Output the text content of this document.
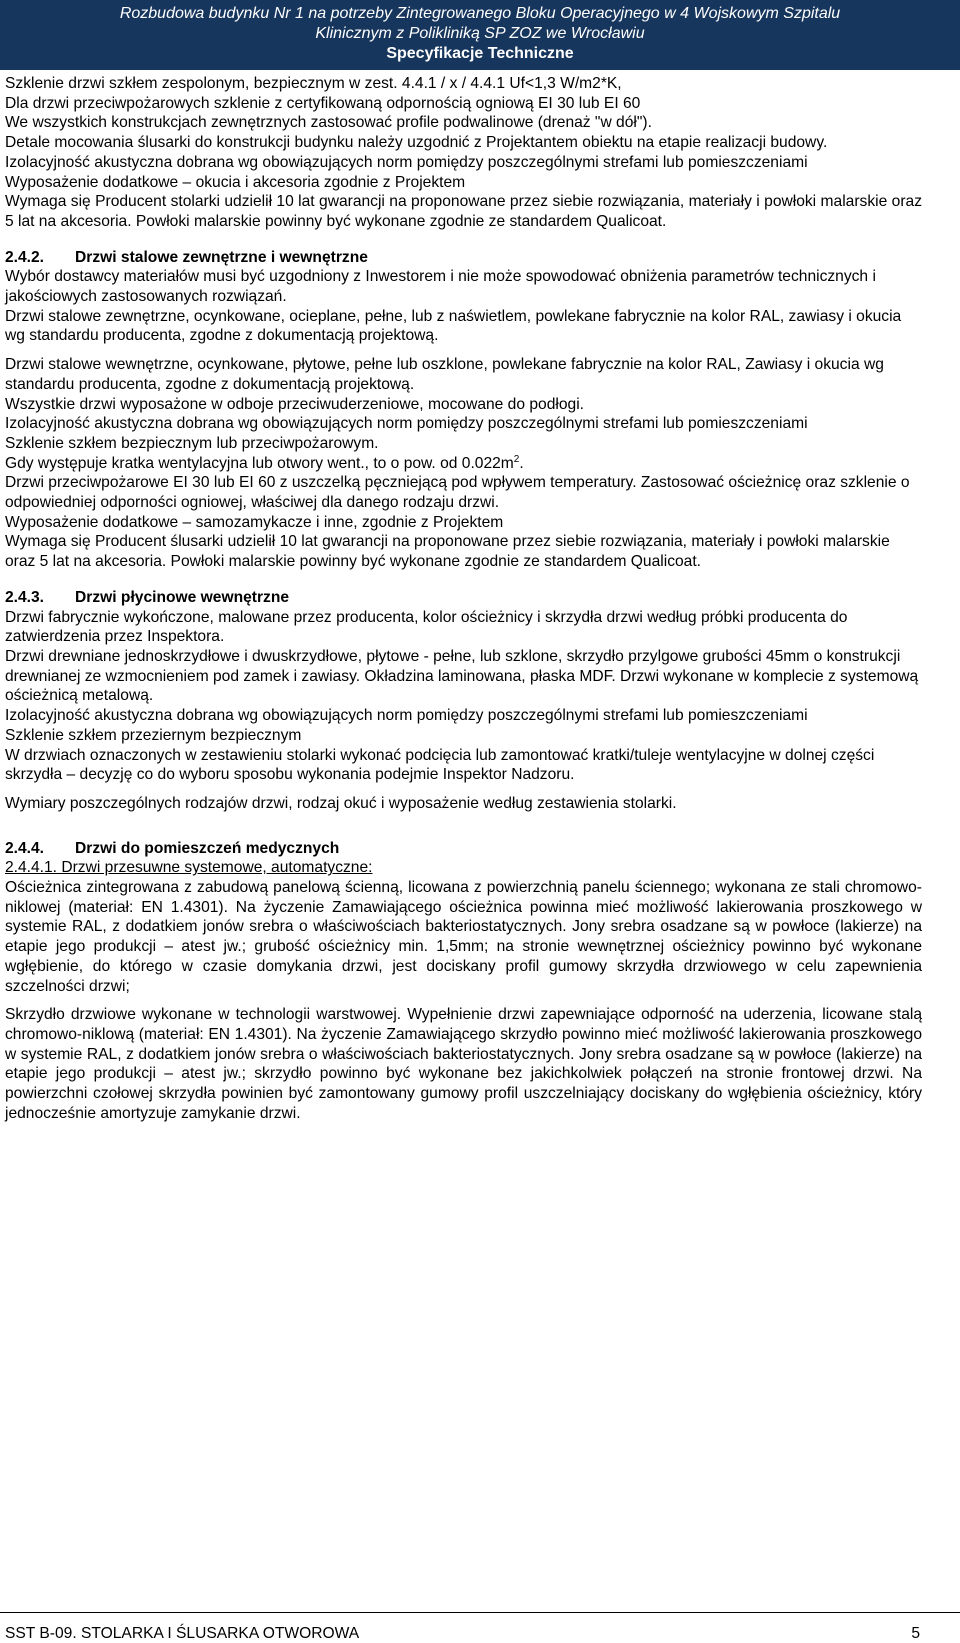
Rozbudowa budynku Nr 1 na potrzeby Zintegrowanego Bloku Operacyjnego w 4 Wojskowym Szpitalu
Klinicznym z Polikliniką SP ZOZ we Wrocławiu
Specyfikacje Techniczne

Szklenie drzwi szkłem zespolonym, bezpiecznym w zest. 4.4.1 / x / 4.4.1 Uf<1,3 W/m2*K,

Dla drzwi przeciwpożarowych szklenie z certyfikowaną odpornością ogniową EI 30 lub EI 60

We wszystkich konstrukcjach zewnętrznych zastosować profile podwalinowe (drenaż "w dół").

Detale mocowania ślusarki do konstrukcji budynku należy uzgodnić z Projektantem obiektu na etapie realizacji budowy.

Izolacyjność akustyczna dobrana wg obowiązujących norm pomiędzy poszczególnymi strefami lub pomieszczeniami

Wyposażenie dodatkowe – okucia i akcesoria zgodnie z Projektem

Wymaga się Producent stolarki udzielił 10 lat gwarancji na proponowane przez siebie rozwiązania, materiały i powłoki malarskie oraz 5 lat na akcesoria. Powłoki malarskie powinny być wykonane zgodnie ze standardem Qualicoat.

2.4.2. Drzwi stalowe zewnętrzne i wewnętrzne

Wybór dostawcy materiałów musi być uzgodniony z Inwestorem i nie może spowodować obniżenia parametrów technicznych i jakościowych zastosowanych rozwiązań.

Drzwi stalowe zewnętrzne, ocynkowane, ocieplane, pełne, lub z naświetlem, powlekane fabrycznie na kolor RAL, zawiasy i okucia wg standardu producenta, zgodne z dokumentacją projektową.

Drzwi stalowe wewnętrzne, ocynkowane, płytowe, pełne lub oszklone, powlekane fabrycznie na kolor RAL, Zawiasy i okucia wg standardu producenta, zgodne z dokumentacją projektową.

Wszystkie drzwi wyposażone w odboje przeciwuderzeniowe, mocowane do podłogi.

Izolacyjność akustyczna dobrana wg obowiązujących norm pomiędzy poszczególnymi strefami lub pomieszczeniami

Szklenie szkłem bezpiecznym lub przeciwpożarowym.

Gdy występuje kratka wentylacyjna lub otwory went., to o pow. od $0.022m^2$.

Drzwi przeciwpożarowe EI 30 lub EI 60 z uszczelką pęczniejącą pod wpływem temperatury. Zastosować ościeżnicę oraz szklenie o odpowiedniej odporności ogniowej, właściwej dla danego rodzaju drzwi.

Wyposażenie dodatkowe – samozamykacze i inne, zgodnie z Projektem

Wymaga się Producent ślusarki udzielił 10 lat gwarancji na proponowane przez siebie rozwiązania, materiały i powłoki malarskie oraz 5 lat na akcesoria. Powłoki malarskie powinny być wykonane zgodnie ze standardem Qualicoat.

2.4.3. Drzwi płycinowe wewnętrzne

Drzwi fabrycznie wykończone, malowane przez producenta, kolor ościeżnicy i skrzydła drzwi według próbki producenta do zatwierdzenia przez Inspektora.

Drzwi drewniane jednoskrzydłowe i dwuskrzydłowe, płytowe - pełne, lub szklone, skrzydło przylgowe grubości 45mm o konstrukcji drewnianej ze wzmocnieniem pod zamek i zawiasy. Okładzina laminowana, płaska MDF. Drzwi wykonane w komplecie z systemową ościeżnicą metalową.

Izolacyjność akustyczna dobrana wg obowiązujących norm pomiędzy poszczególnymi strefami lub pomieszczeniami

Szklenie szkłem przeziernym bezpiecznym

W drzwiach oznaczonych w zestawieniu stolarki wykonać podcięcia lub zamontować kratki/tuleje wentylacyjne w dolnej części skrzydła – decyzję co do wyboru sposobu wykonania podejmie Inspektor Nadzoru.

Wymiary poszczególnych rodzajów drzwi, rodzaj okuć i wyposażenie według zestawienia stolarki.

2.4.4. Drzwi do pomieszczeń medycznych

2.4.4.1. Drzwi przesuwne systemowe, automatyczne:

Ościeżnica zintegrowana z zabudową panelową ścienną, licowana z powierzchnią panelu ściennego; wykonana ze stali chromowo-niklowej (materiał: EN 1.4301). Na życzenie Zamawiającego ościeżnica powinna mieć możliwość lakierowania proszkowego w systemie RAL, z dodatkiem jonów srebra o właściwościach bakteriostatycznych. Jony srebra osadzane są w powłoce (lakierze) na etapie jego produkcji – atest jw.; grubość ościeżnicy min. 1,5mm; na stronie wewnętrznej ościeżnicy powinno być wykonane wgłębienie, do którego w czasie domykania drzwi, jest dociskany profil gumowy skrzydła drzwiowego w celu zapewnienia szczelności drzwi;

Skrzydło drzwiowe wykonane w technologii warstwowej. Wypełnienie drzwi zapewniające odporność na uderzenia, licowane stalą chromowo-niklową (materiał: EN 1.4301). Na życzenie Zamawiającego skrzydło powinno mieć możliwość lakierowania proszkowego w systemie RAL, z dodatkiem jonów srebra o właściwościach bakteriostatycznych. Jony srebra osadzane są w powłoce (lakierze) na etapie jego produkcji – atest jw.; skrzydło powinno być wykonane bez jakichkolwiek połączeń na stronie frontowej drzwi. Na powierzchni czołowej skrzydła powinien być zamontowany gumowy profil uszczelniający dociskany do wgłębienia ościeżnicy, który jednocześnie amortyzuje zamykanie drzwi.

SST B-09. STOLARKA I ŚLUSARKA OTWOROWA	5
